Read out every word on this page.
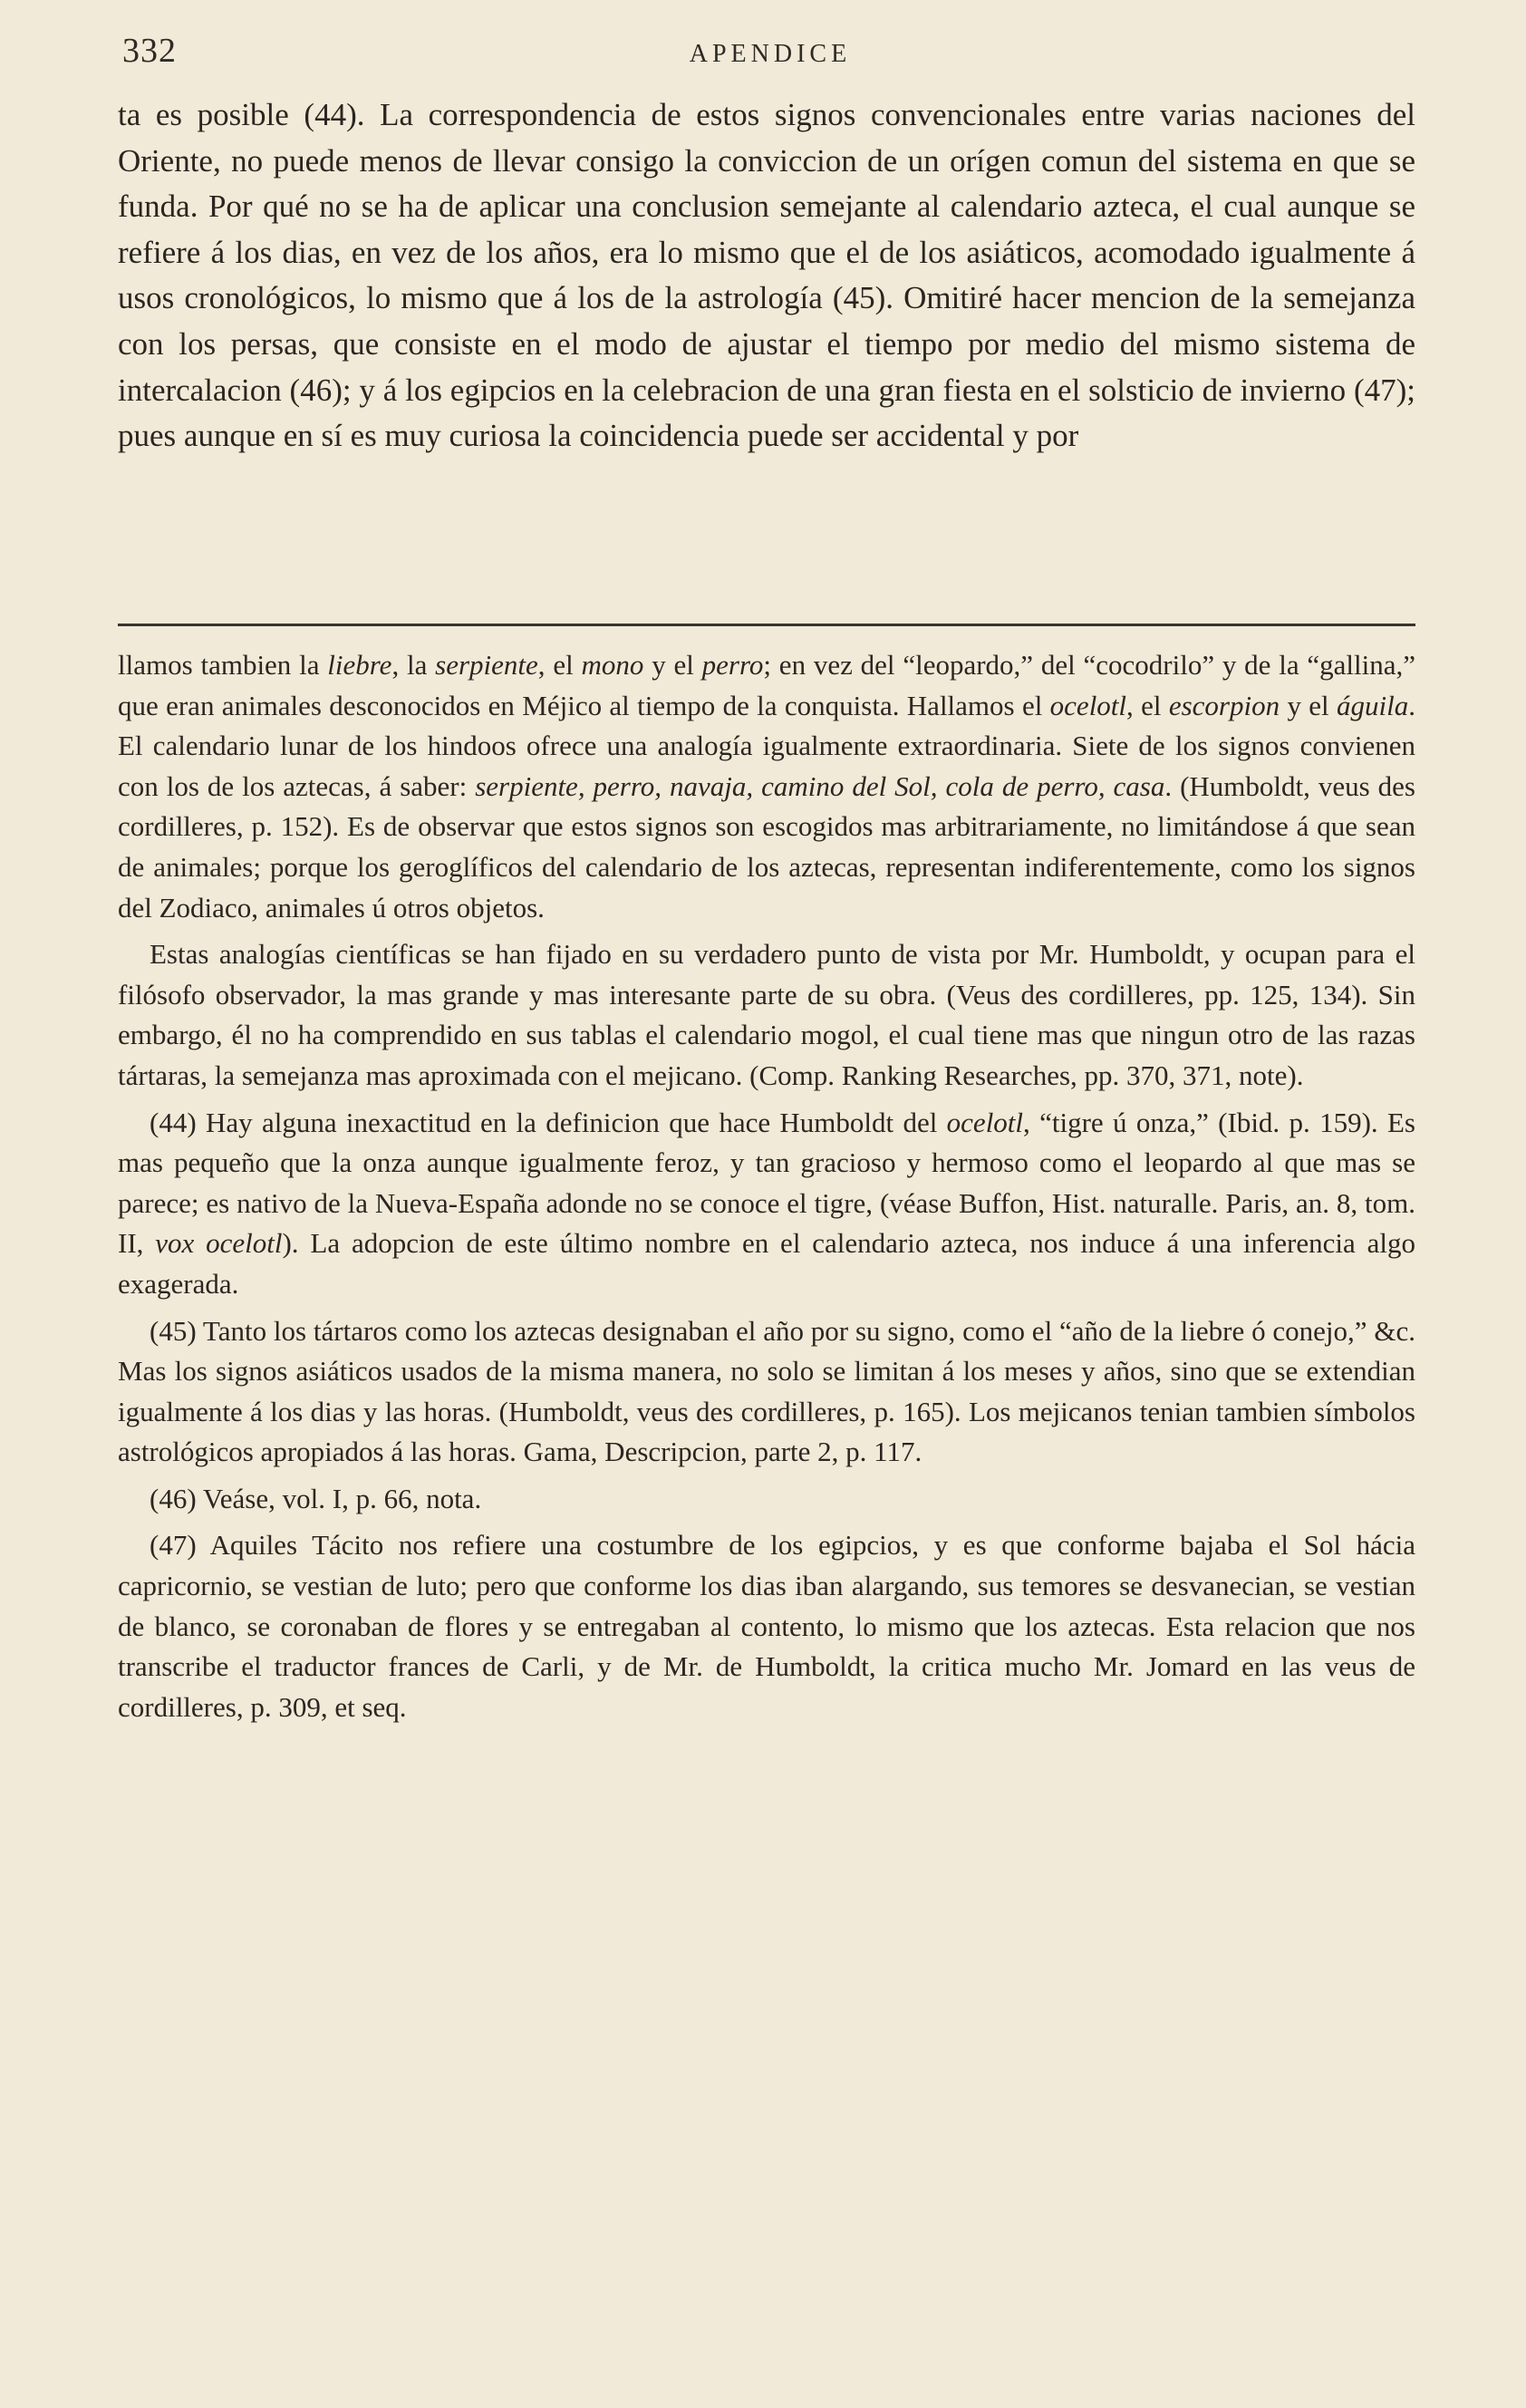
332	APENDICE

ta es posible (44). La correspondencia de estos signos convencionales entre varias naciones del Oriente, no puede menos de llevar consigo la conviccion de un orígen comun del sistema en que se funda. Por qué no se ha de aplicar una conclusion semejante al calendario azteca, el cual aunque se refiere á los dias, en vez de los años, era lo mismo que el de los asiáticos, acomodado igualmente á usos cronológicos, lo mismo que á los de la astrología (45). Omitiré hacer mencion de la semejanza con los persas, que consiste en el modo de ajustar el tiempo por medio del mismo sistema de intercalacion (46); y á los egipcios en la celebracion de una gran fiesta en el solsticio de invierno (47); pues aunque en sí es muy curiosa la coincidencia puede ser accidental y por

llamos tambien la liebre, la serpiente, el mono y el perro; en vez del “leopardo,” del “cocodrilo” y de la “gallina,” que eran animales desconocidos en Méjico al tiempo de la conquista. Hallamos el ocelotl, el escorpion y el águila. El calendario lunar de los hindoos ofrece una analogía igualmente extraordinaria. Siete de los signos convienen con los de los aztecas, á saber: serpiente, perro, navaja, camino del Sol, cola de perro, casa. (Humboldt, veus des cordilleres, p. 152). Es de observar que estos signos son escogidos mas arbitrariamente, no limitándose á que sean de animales; porque los geroglíficos del calendario de los aztecas, representan indiferentemente, como los signos del Zodiaco, animales ú otros objetos.

Estas analogías científicas se han fijado en su verdadero punto de vista por Mr. Humboldt, y ocupan para el filósofo observador, la mas grande y mas interesante parte de su obra. (Veus des cordilleres, pp. 125, 134). Sin embargo, él no ha comprendido en sus tablas el calendario mogol, el cual tiene mas que ningun otro de las razas tártaras, la semejanza mas aproximada con el mejicano. (Comp. Ranking Researches, pp. 370, 371, note).

(44) Hay alguna inexactitud en la definicion que hace Humboldt del ocelotl, “tigre ú onza,” (Ibid. p. 159). Es mas pequeño que la onza aunque igualmente feroz, y tan gracioso y hermoso como el leopardo al que mas se parece; es nativo de la Nueva-España adonde no se conoce el tigre, (véase Buffon, Hist. naturalle. Paris, an. 8, tom. II, vox ocelotl). La adopcion de este último nombre en el calendario azteca, nos induce á una inferencia algo exagerada.

(45) Tanto los tártaros como los aztecas designaban el año por su signo, como el “año de la liebre ó conejo,” &c. Mas los signos asiáticos usados de la misma manera, no solo se limitan á los meses y años, sino que se extendian igualmente á los dias y las horas. (Humboldt, veus des cordilleres, p. 165). Los mejicanos tenian tambien símbolos astrológicos apropiados á las horas. Gama, Descripcion, parte 2, p. 117.

(46) Veáse, vol. I, p. 66, nota.

(47) Aquiles Tácito nos refiere una costumbre de los egipcios, y es que conforme bajaba el Sol hácia capricornio, se vestian de luto; pero que conforme los dias iban alargando, sus temores se desvanecian, se vestian de blanco, se coronaban de flores y se entregaban al contento, lo mismo que los aztecas. Esta relacion que nos transcribe el traductor frances de Carli, y de Mr. de Humboldt, la critica mucho Mr. Jomard en las veus de cordilleres, p. 309, et seq.
